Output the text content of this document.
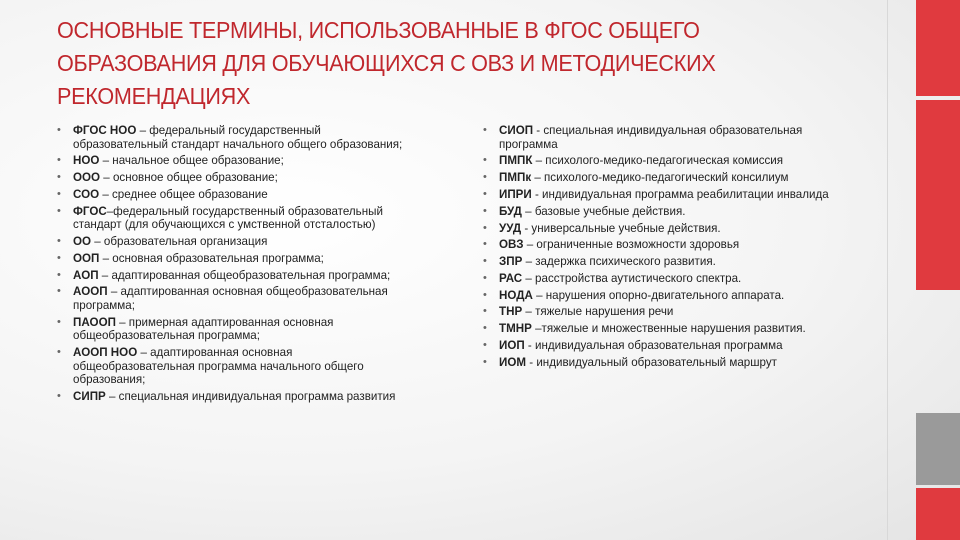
ОСНОВНЫЕ ТЕРМИНЫ, ИСПОЛЬЗОВАННЫЕ В ФГОС ОБЩЕГО
ОБРАЗОВАНИЯ ДЛЯ ОБУЧАЮЩИХСЯ С ОВЗ И МЕТОДИЧЕСКИХ
РЕКОМЕНДАЦИЯХ
• ФГОС НОО – федеральный государственный образовательный стандарт начального общего образования;
• НОО – начальное общее образование;
• ООО – основное общее образование;
• СОО – среднее общее образование
• ФГОС–федеральный государственный образовательный стандарт (для обучающихся с умственной отсталостью)
• ОО – образовательная организация
• ООП – основная образовательная программа;
• АОП – адаптированная общеобразовательная программа;
• АООП – адаптированная основная общеобразовательная программа;
• ПАООП – примерная адаптированная основная общеобразовательная программа;
• АООП НОО – адаптированная основная общеобразовательная программа начального общего образования;
• СИПР – специальная индивидуальная программа развития
• СИОП - специальная индивидуальная образовательная программа
• ПМПК – психолого-медико-педагогическая комиссия
• ПМПк – психолого-медико-педагогический консилиум
• ИПРИ - индивидуальная программа реабилитации инвалида
• БУД – базовые учебные действия.
• УУД - универсальные учебные действия.
• ОВЗ – ограниченные возможности здоровья
• ЗПР – задержка психического развития.
• РАС – расстройства аутистического спектра.
• НОДА – нарушения опорно-двигательного аппарата.
• ТНР – тяжелые нарушения речи
• ТМНР –тяжелые и множественные нарушения развития.
• ИОП - индивидуальная образовательная программа
• ИОМ - индивидуальный образовательный маршрут
